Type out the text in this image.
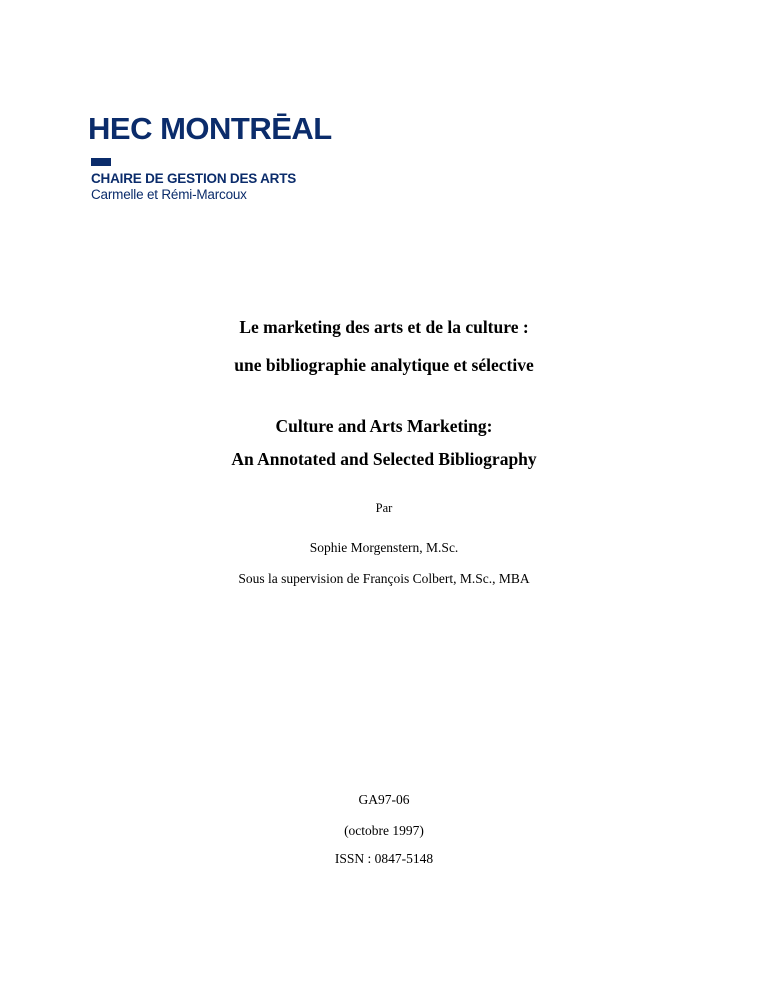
HEC MONTRĒAL
CHAIRE DE GESTION DES ARTS
Carmelle et Rémi-Marcoux

Le marketing des arts et de la culture :

une bibliographie analytique et sélective

Culture and Arts Marketing:

An Annotated and Selected Bibliography

Par

Sophie Morgenstern, M.Sc.

Sous la supervision de François Colbert, M.Sc., MBA

GA97-06

(octobre 1997)

ISSN : 0847-5148
